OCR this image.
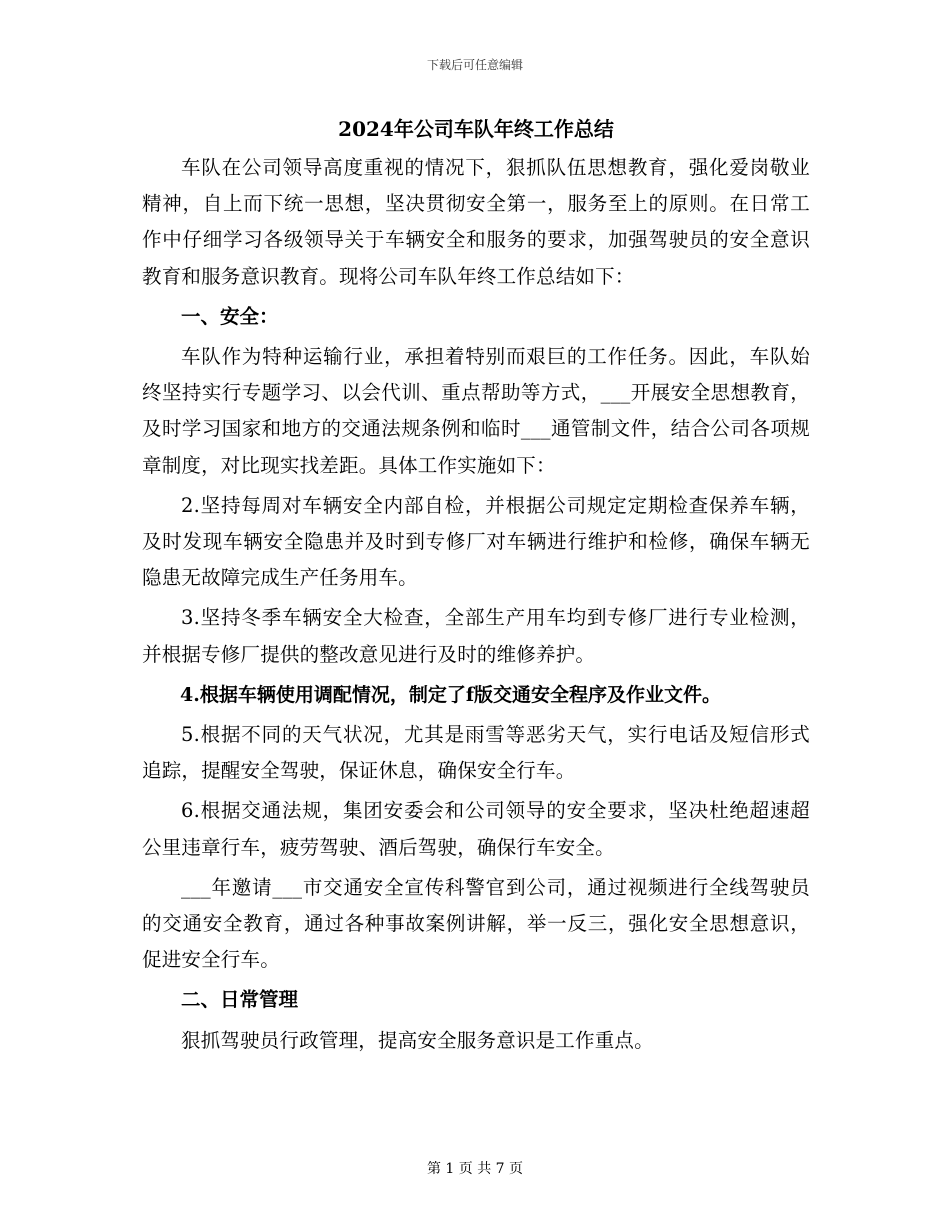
下载后可任意编辑
2024年公司车队年终工作总结

车队在公司领导高度重视的情况下，狠抓队伍思想教育，强化爱岗敬业精神，自上而下统一思想，坚决贯彻安全第一，服务至上的原则。在日常工作中仔细学习各级领导关于车辆安全和服务的要求，加强驾驶员的安全意识教育和服务意识教育。现将公司车队年终工作总结如下：

一、安全：

车队作为特种运输行业，承担着特别而艰巨的工作任务。因此，车队始终坚持实行专题学习、以会代训、重点帮助等方式，___开展安全思想教育，及时学习国家和地方的交通法规条例和临时___通管制文件，结合公司各项规章制度，对比现实找差距。具体工作实施如下：

2.坚持每周对车辆安全内部自检，并根据公司规定定期检查保养车辆，及时发现车辆安全隐患并及时到专修厂对车辆进行维护和检修，确保车辆无隐患无故障完成生产任务用车。

3.坚持冬季车辆安全大检查，全部生产用车均到专修厂进行专业检测，并根据专修厂提供的整改意见进行及时的维修养护。

4.根据车辆使用调配情况，制定了f版交通安全程序及作业文件。

5.根据不同的天气状况，尤其是雨雪等恶劣天气，实行电话及短信形式追踪，提醒安全驾驶，保证休息，确保安全行车。

6.根据交通法规，集团安委会和公司领导的安全要求，坚决杜绝超速超公里违章行车，疲劳驾驶、酒后驾驶，确保行车安全。

___年邀请___市交通安全宣传科警官到公司，通过视频进行全线驾驶员的交通安全教育，通过各种事故案例讲解，举一反三，强化安全思想意识，促进安全行车。

二、日常管理

狠抓驾驶员行政管理，提高安全服务意识是工作重点。

第 1 页 共 7 页
